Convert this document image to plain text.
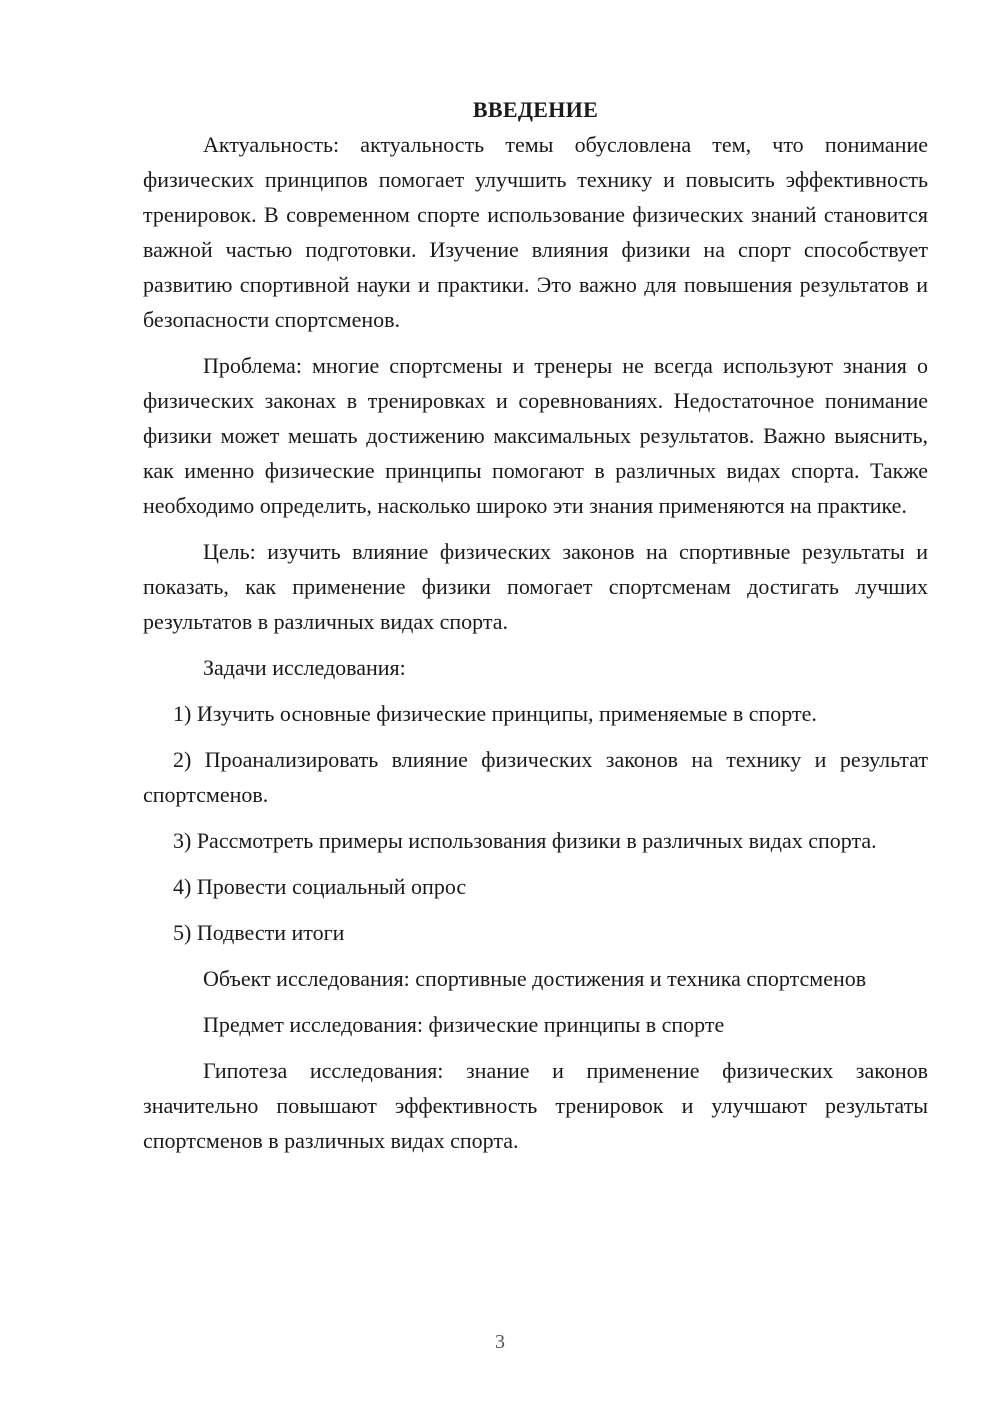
ВВЕДЕНИЕ

Актуальность: актуальность темы обусловлена тем, что понимание физических принципов помогает улучшить технику и повысить эффективность тренировок. В современном спорте использование физических знаний становится важной частью подготовки. Изучение влияния физики на спорт способствует развитию спортивной науки и практики. Это важно для повышения результатов и безопасности спортсменов.

Проблема: многие спортсмены и тренеры не всегда используют знания о физических законах в тренировках и соревнованиях. Недостаточное понимание физики может мешать достижению максимальных результатов. Важно выяснить, как именно физические принципы помогают в различных видах спорта. Также необходимо определить, насколько широко эти знания применяются на практике.

Цель: изучить влияние физических законов на спортивные результаты и показать, как применение физики помогает спортсменам достигать лучших результатов в различных видах спорта.

Задачи исследования:

1) Изучить основные физические принципы, применяемые в спорте.

2) Проанализировать влияние физических законов на технику и результат спортсменов.

3) Рассмотреть примеры использования физики в различных видах спорта.

4) Провести социальный опрос

5) Подвести итоги

Объект исследования: спортивные достижения и техника спортсменов

Предмет исследования: физические принципы в спорте

Гипотеза исследования: знание и применение физических законов значительно повышают эффективность тренировок и улучшают результаты спортсменов в различных видах спорта.

3
